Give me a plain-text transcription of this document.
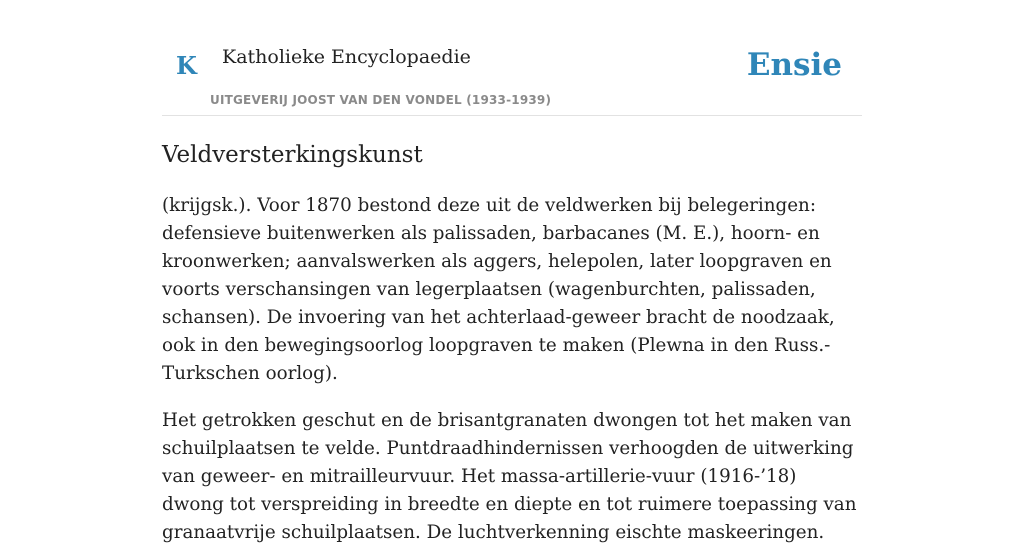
K Katholieke Encyclopaedie
UITGEVERIJ JOOST VAN DEN VONDEL (1933-1939)
Ensie
Veldversterkingskunst

(krijgsk.). Voor 1870 bestond deze uit de veldwerken bij belegeringen: defensieve buitenwerken als palissaden, barbacanes (M. E.), hoorn- en kroonwerken; aanvalswerken als aggers, helepolen, later loopgraven en voorts verschansingen van legerplaatsen (wagenburchten, palissaden, schansen). De invoering van het achterlaad-geweer bracht de noodzaak, ook in den bewegingsoorlog loopgraven te maken (Plewna in den Russ.-Turkschen oorlog).

Het getrokken geschut en de brisantgranaten dwongen tot het maken van schuilplaatsen te velde. Puntdraadhindernissen verhoogden de uitwerking van geweer- en mitrailleurvuur. Het massa-artillerie-vuur (1916-’18) dwong tot verspreiding in breedte en diepte en tot ruimere toepassing van granaatvrije schuilplaatsen. De luchtverkenning eischte maskeeringen.
